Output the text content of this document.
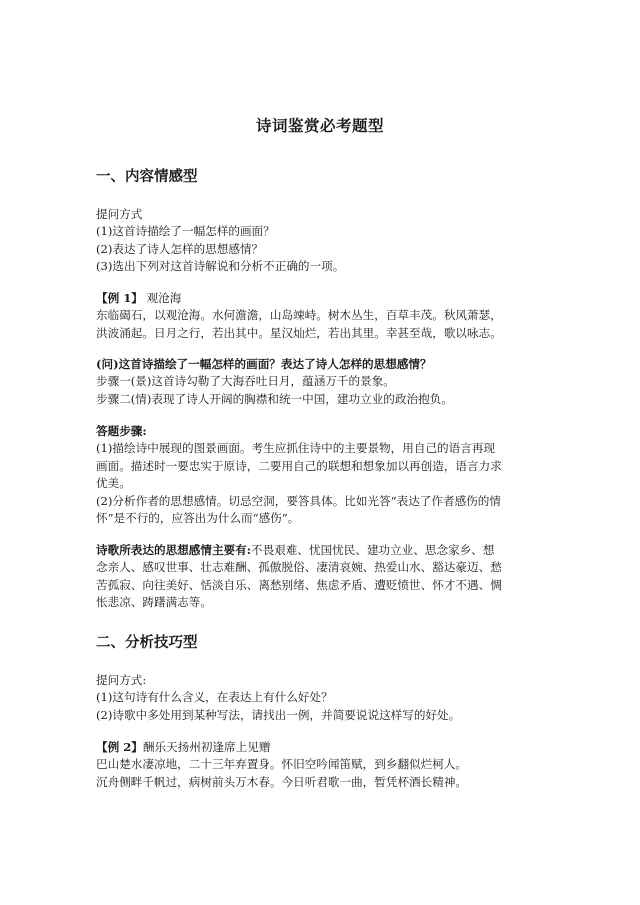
诗词鉴赏必考题型
一、内容情感型
提问方式
(1)这首诗描绘了一幅怎样的画面？
(2)表达了诗人怎样的思想感情？
(3)选出下列对这首诗解说和分析不正确的一项。
【例 1】 观沧海
东临碣石，以观沧海。水何澹澹，山岛竦峙。树木丛生，百草丰茂。秋风萧瑟，
洪波涌起。日月之行，若出其中。星汉灿烂，若出其里。幸甚至哉，歌以咏志。
(问)这首诗描绘了一幅怎样的画面？表达了诗人怎样的思想感情？
步骤一(景)这首诗勾勒了大海吞吐日月，蕴涵万千的景象。
步骤二(情)表现了诗人开阔的胸襟和统一中国，建功立业的政治抱负。
答题步骤:
(1)描绘诗中展现的图景画面。考生应抓住诗中的主要景物，用自己的语言再现
画面。描述时一要忠实于原诗，二要用自己的联想和想象加以再创造，语言力求
优美。
(2)分析作者的思想感情。切忌空洞，要答具体。比如光答“表达了作者感伤的情
怀”是不行的，应答出为什么而“感伤”。
诗歌所表达的思想感情主要有:不畏艰难、忧国忧民、建功立业、思念家乡、想
念亲人、感叹世事、壮志难酬、孤傲脱俗、凄清哀婉、热爱山水、豁达豪迈、愁
苦孤寂、向往美好、恬淡自乐、离愁别绪、焦虑矛盾、遭贬愤世、怀才不遇、惆
怅悲凉、踌躇满志等。
二、分析技巧型
提问方式:
(1)这句诗有什么含义，在表达上有什么好处？
(2)诗歌中多处用到某种写法，请找出一例，并简要说说这样写的好处。
【例 2】酬乐天扬州初逢席上见赠
巴山楚水凄凉地，二十三年弃置身。怀旧空吟闻笛赋，到乡翻似烂柯人。
沉舟侧畔千帆过，病树前头万木春。今日听君歌一曲，暂凭杯酒长精神。
